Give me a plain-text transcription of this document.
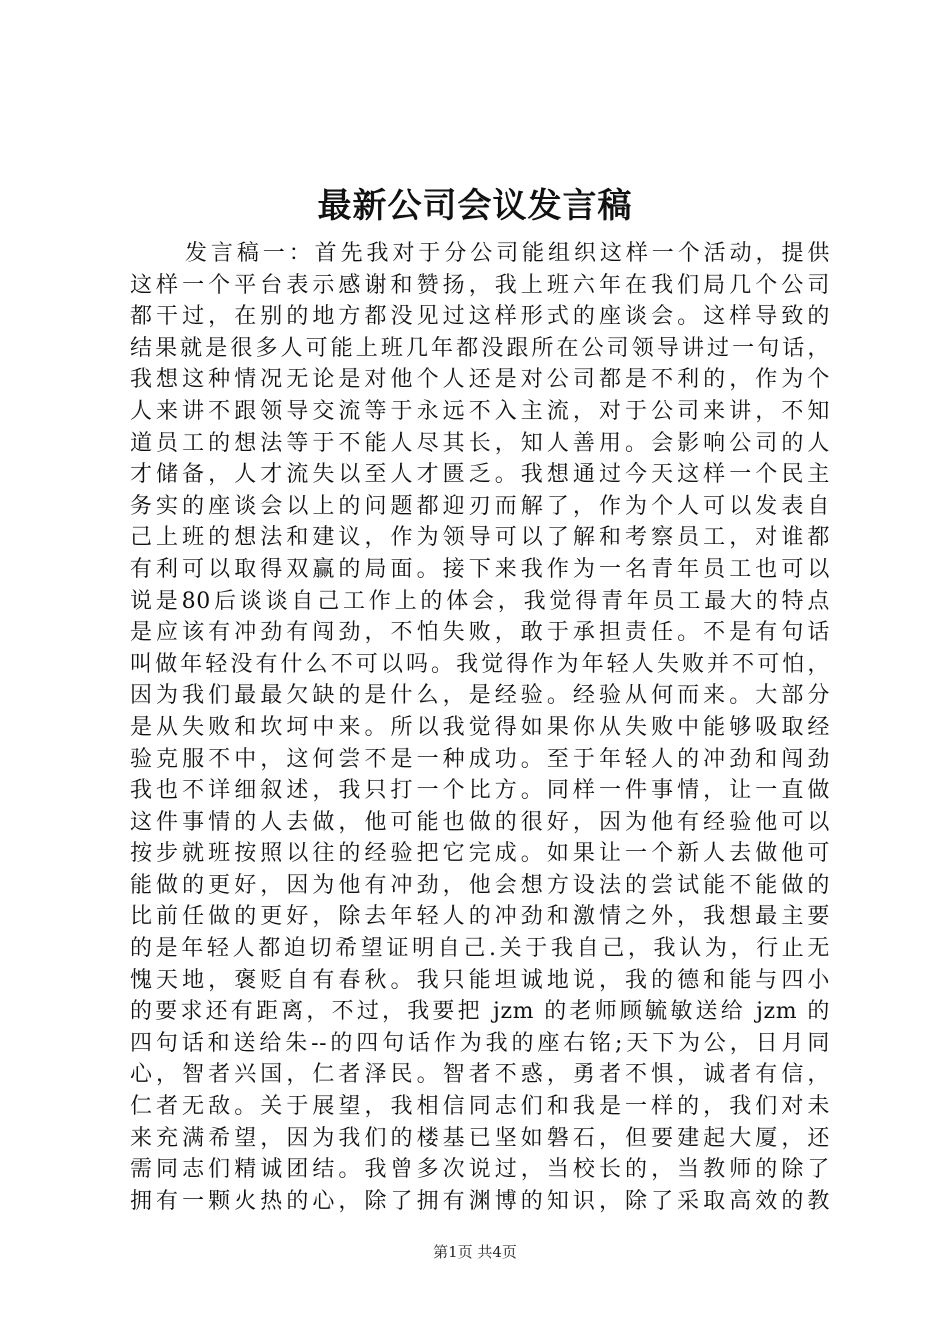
最新公司会议发言稿
发言稿一：首先我对于分公司能组织这样一个活动，提供
这样一个平台表示感谢和赞扬，我上班六年在我们局几个公司
都干过，在别的地方都没见过这样形式的座谈会。这样导致的
结果就是很多人可能上班几年都没跟所在公司领导讲过一句话，
我想这种情况无论是对他个人还是对公司都是不利的，作为个
人来讲不跟领导交流等于永远不入主流，对于公司来讲，不知
道员工的想法等于不能人尽其长，知人善用。会影响公司的人
才储备，人才流失以至人才匮乏。我想通过今天这样一个民主
务实的座谈会以上的问题都迎刃而解了，作为个人可以发表自
己上班的想法和建议，作为领导可以了解和考察员工，对谁都
有利可以取得双赢的局面。接下来我作为一名青年员工也可以
说是80后谈谈自己工作上的体会，我觉得青年员工最大的特点
是应该有冲劲有闯劲，不怕失败，敢于承担责任。不是有句话
叫做年轻没有什么不可以吗。我觉得作为年轻人失败并不可怕，
因为我们最最欠缺的是什么，是经验。经验从何而来。大部分
是从失败和坎坷中来。所以我觉得如果你从失败中能够吸取经
验克服不中，这何尝不是一种成功。至于年轻人的冲劲和闯劲
我也不详细叙述，我只打一个比方。同样一件事情，让一直做
这件事情的人去做，他可能也做的很好，因为他有经验他可以
按步就班按照以往的经验把它完成。如果让一个新人去做他可
能做的更好，因为他有冲劲，他会想方设法的尝试能不能做的
比前任做的更好，除去年轻人的冲劲和激情之外，我想最主要
的是年轻人都迫切希望证明自己.关于我自己，我认为，行止无
愧天地，褒贬自有春秋。我只能坦诚地说，我的德和能与四小
的要求还有距离，不过，我要把 jzm 的老师顾毓敏送给 jzm 的
四句话和送给朱--的四句话作为我的座右铭;天下为公，日月同
心，智者兴国，仁者泽民。智者不惑，勇者不惧，诚者有信，
仁者无敌。关于展望，我相信同志们和我是一样的，我们对未
来充满希望，因为我们的楼基已坚如磐石，但要建起大厦，还
需同志们精诚团结。我曾多次说过，当校长的，当教师的除了
拥有一颗火热的心，除了拥有渊博的知识，除了采取高效的教
第1页 共4页
